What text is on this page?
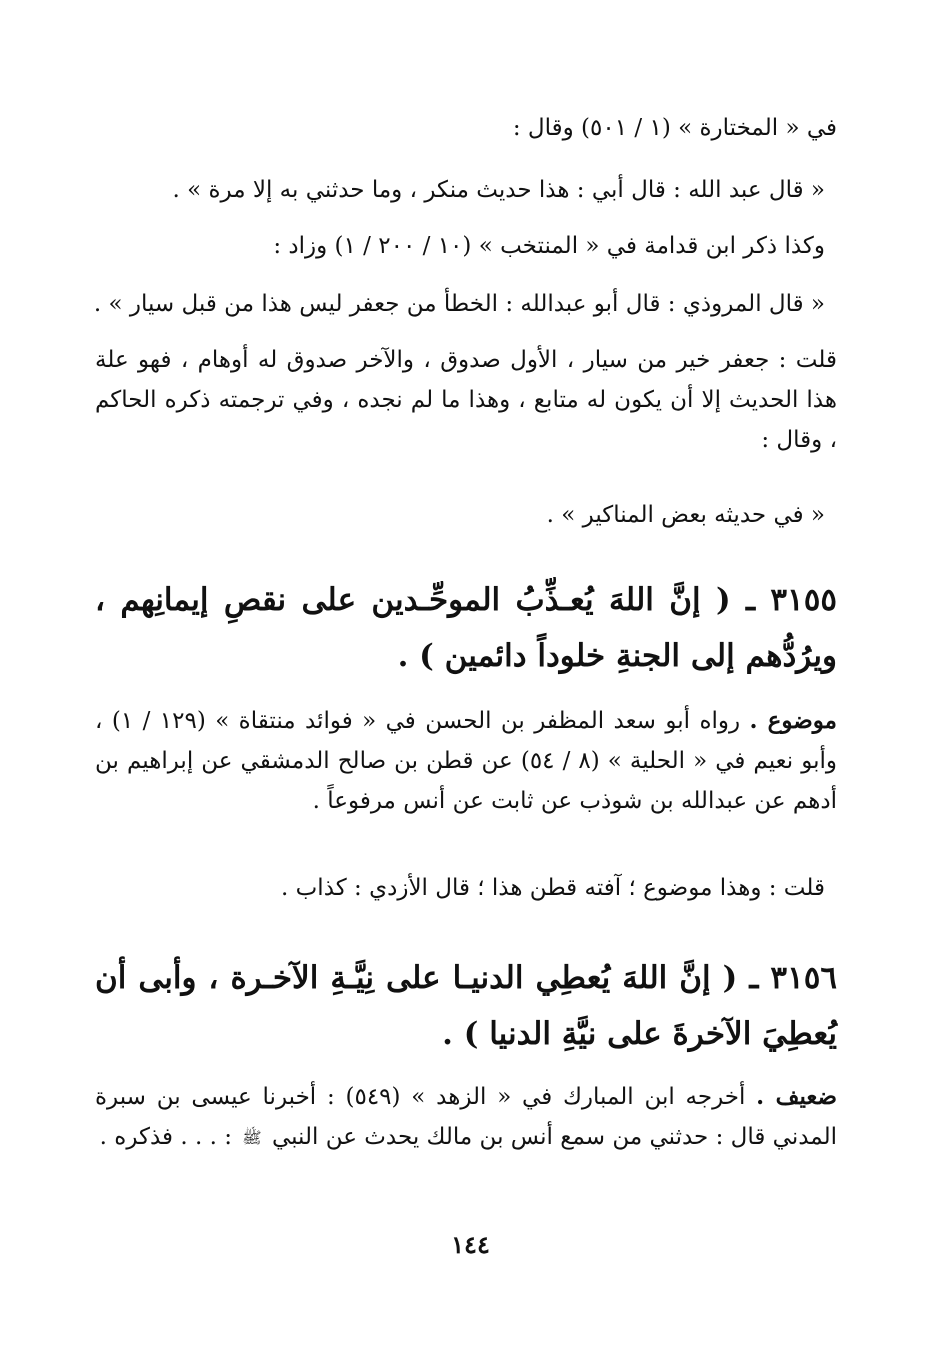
في « المختارة » (١ / ٥٠١) وقال :
« قال عبد الله : قال أبي : هذا حديث منكر ، وما حدثني به إلا مرة » .
وكذا ذكر ابن قدامة في « المنتخب » (١٠ / ٢٠٠ / ١) وزاد :
« قال المروذي : قال أبو عبدالله : الخطأ من جعفر ليس هذا من قبل سيار » .
قلت : جعفر خير من سيار ، الأول صدوق ، والآخر صدوق له أوهام ، فهو علة هذا الحديث إلا أن يكون له متابع ، وهذا ما لم نجده ، وفي ترجمته ذكره الحاكم ، وقال :
« في حديثه بعض المناكير » .
٣١٥٥ ـ ( إنَّ اللهَ يُعـذِّبُ الموحِّـدين على نقصِ إيمانِهم ، ويرُدُّهم إلى الجنةِ خلوداً دائمين ) .
موضوع . رواه أبو سعد المظفر بن الحسن في « فوائد منتقاة » (١٢٩ / ١) ، وأبو نعيم في « الحلية » (٨ / ٥٤) عن قطن بن صالح الدمشقي عن إبراهيم بن أدهم عن عبدالله بن شوذب عن ثابت عن أنس مرفوعاً .
قلت : وهذا موضوع ؛ آفته قطن هذا ؛ قال الأزدي : كذاب .
٣١٥٦ ـ ( إنَّ اللهَ يُعطِي الدنيـا على نِيَّـةِ الآخـرة ، وأبى أن يُعطِيَ الآخرةَ على نيَّةِ الدنيا ) .
ضعيف . أخرجه ابن المبارك في « الزهد » (٥٤٩) : أخبرنا عيسى بن سبرة المدني قال : حدثني من سمع أنس بن مالك يحدث عن النبي ﷺ : . . . فذكره .
١٤٤
